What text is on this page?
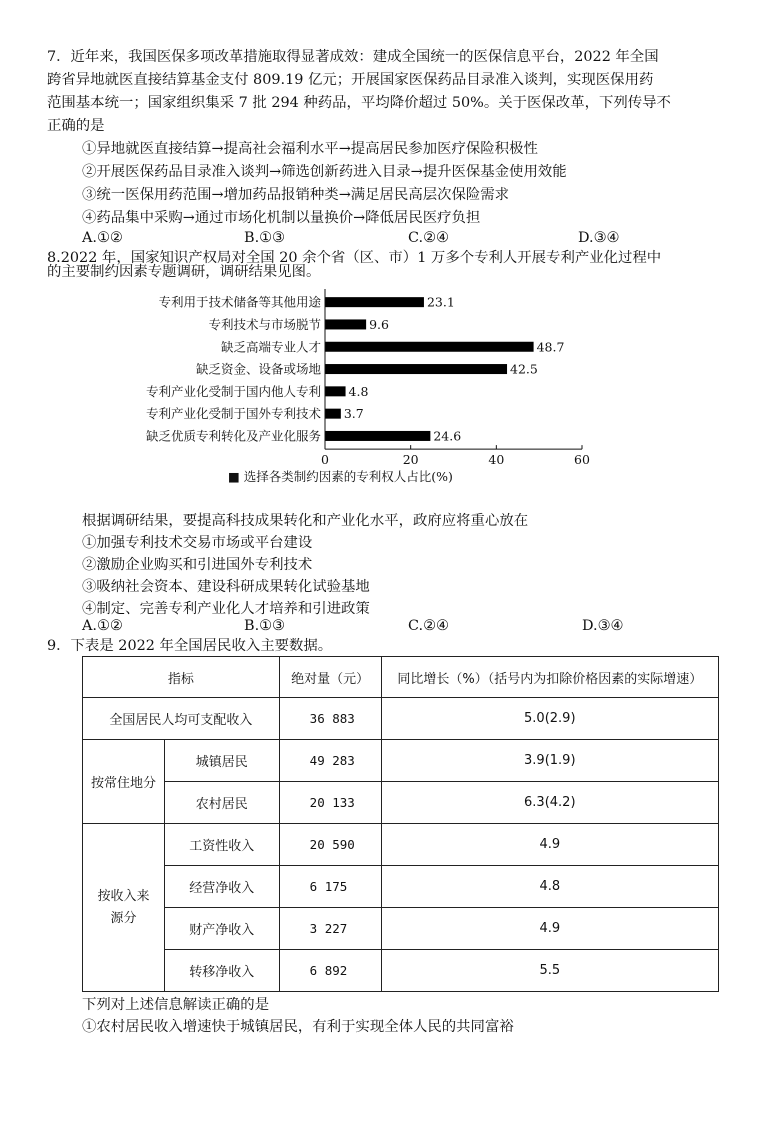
7．近年来，我国医保多项改革措施取得显著成效：建成全国统一的医保信息平台，2022 年全国
跨省异地就医直接结算基金支付 809.19 亿元；开展国家医保药品目录准入谈判，实现医保用药
范围基本统一；国家组织集采 7 批 294 种药品，平均降价超过 50%。关于医保改革，下列传导不
正确的是
①异地就医直接结算→提高社会福利水平→提高居民参加医疗保险积极性
②开展医保药品目录准入谈判→筛选创新药进入目录→提升医保基金使用效能
③统一医保用药范围→增加药品报销种类→满足居民高层次保险需求
④药品集中采购→通过市场化机制以量换价→降低居民医疗负担
A.①②	B.①③	C.②④	D.③④
8.2022 年，国家知识产权局对全国 20 余个省（区、市）1 万多个专利人开展专利产业化过程中
的主要制约因素专题调研，调研结果见图。
专利用于技术储备等其他用途
专利技术与市场脱节
缺乏高端专业人才
缺乏资金、设备或场地
专利产业化受制于国内他人专利
专利产业化受制于国外专利技术
缺乏优质专利转化及产业化服务
23.1
9.6
48.7
42.5
4.8
3.7
24.6
0	20	40	60
■ 选择各类制约因素的专利权人占比(%)
根据调研结果，要提高科技成果转化和产业化水平，政府应将重心放在
①加强专利技术交易市场或平台建设
②激励企业购买和引进国外专利技术
③吸纳社会资本、建设科研成果转化试验基地
④制定、完善专利产业化人才培养和引进政策
A.①②	B.①③	C.②④	D.③④
9．下表是 2022 年全国居民收入主要数据。
指标		绝对量（元）	同比增长（%）（括号内为扣除价格因素的实际增速）
全国居民人均可支配收入		36 883	5.0(2.9)
按常住地分	城镇居民	49 283	3.9(1.9)
	农村居民	20 133	6.3(4.2)
按收入来源分	工资性收入	20 590	4.9
	经营净收入	6 175	4.8
	财产净收入	3 227	4.9
	转移净收入	6 892	5.5
下列对上述信息解读正确的是
①农村居民收入增速快于城镇居民，有利于实现全体人民的共同富裕
